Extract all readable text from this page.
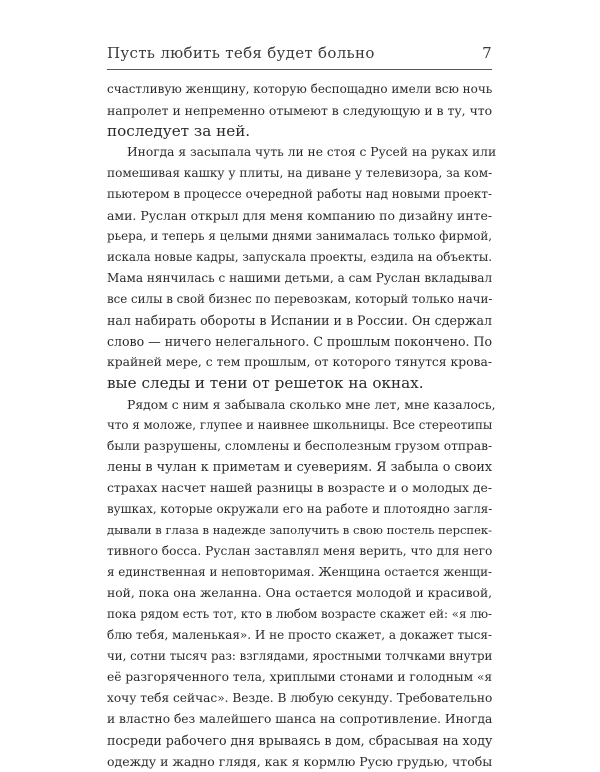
Пусть любить тебя будет больно	7
счастливую женщину, которую беспощадно имели всю ночь
напролет и непременно отымеют в следующую и в ту, что
последует за ней.
Иногда я засыпала чуть ли не стоя с Русей на руках или
помешивая кашку у плиты, на диване у телевизора, за ком-
пьютером в процессе очередной работы над новыми проект-
ами. Руслан открыл для меня компанию по дизайну инте-
рьера, и теперь я целыми днями занималась только фирмой,
искала новые кадры, запускала проекты, ездила на объекты.
Мама нянчилась с нашими детьми, а сам Руслан вкладывал
все силы в свой бизнес по перевозкам, который только начи-
нал набирать обороты в Испании и в России. Он сдержал
слово — ничего нелегального. С прошлым покончено. По
крайней мере, с тем прошлым, от которого тянутся крова-
вые следы и тени от решеток на окнах.
Рядом с ним я забывала сколько мне лет, мне казалось,
что я моложе, глупее и наивнее школьницы. Все стереотипы
были разрушены, сломлены и бесполезным грузом отправ-
лены в чулан к приметам и суевериям. Я забыла о своих
страхах насчет нашей разницы в возрасте и о молодых де-
вушках, которые окружали его на работе и плотоядно загля-
дывали в глаза в надежде заполучить в свою постель перспек-
тивного босса. Руслан заставлял меня верить, что для него
я единственная и неповторимая. Женщина остается женщи-
ной, пока она желанна. Она остается молодой и красивой,
пока рядом есть тот, кто в любом возрасте скажет ей: «я лю-
блю тебя, маленькая». И не просто скажет, а докажет тыся-
чи, сотни тысяч раз: взглядами, яростными толчками внутри
её разгоряченного тела, хриплыми стонами и голодным «я
хочу тебя сейчас». Везде. В любую секунду. Требовательно
и властно без малейшего шанса на сопротивление. Иногда
посреди рабочего дня врываясь в дом, сбрасывая на ходу
одежду и жадно глядя, как я кормлю Русю грудью, чтобы
